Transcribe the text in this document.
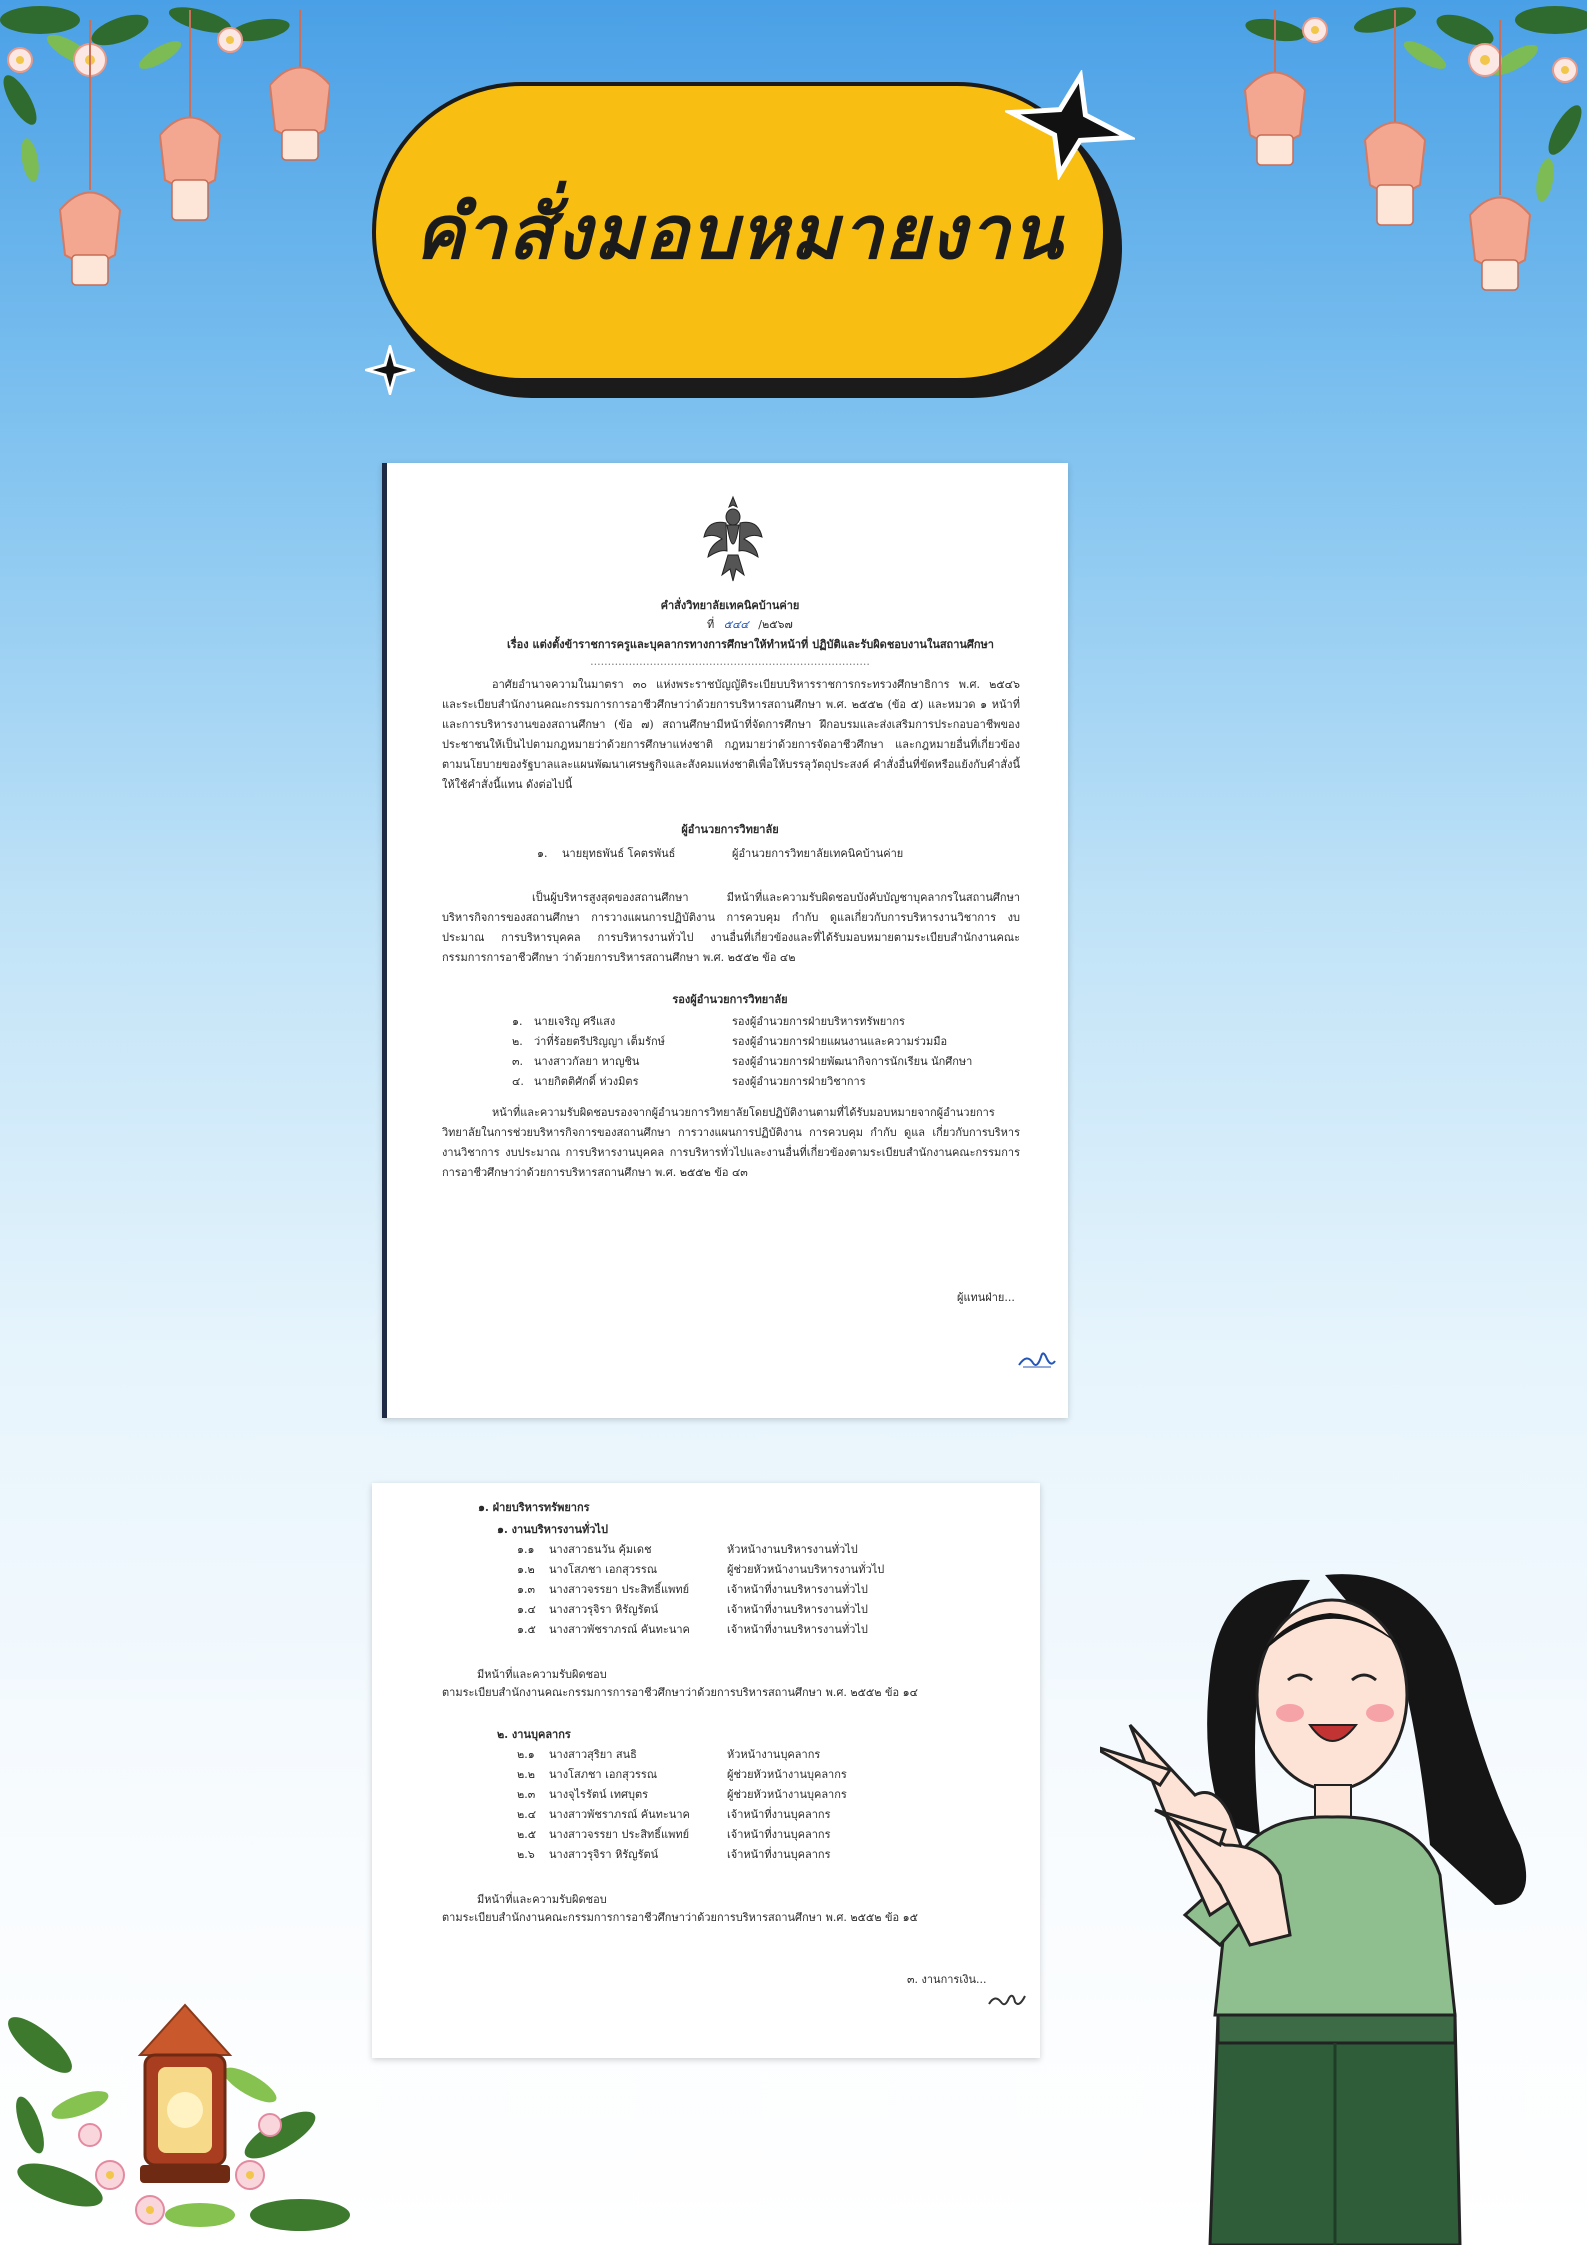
คำสั่งมอบหมายงาน
คำสั่งวิทยาลัยเทคนิคบ้านค่าย
ที่ ๕๔๔ /๒๕๖๗
เรื่อง แต่งตั้งข้าราชการครูและบุคลากรทางการศึกษาให้ทำหน้าที่ ปฏิบัติและรับผิดชอบงานในสถานศึกษา
................................................................................
อาศัยอำนาจความในมาตรา ๓๐ แห่งพระราชบัญญัติระเบียบบริหารราชการกระทรวงศึกษาธิการ พ.ศ. ๒๕๔๖ และระเบียบสำนักงานคณะกรรมการการอาชีวศึกษาว่าด้วยการบริหารสถานศึกษา พ.ศ. ๒๕๕๒ (ข้อ ๕) และหมวด ๑ หน้าที่และการบริหารงานของสถานศึกษา (ข้อ ๗) สถานศึกษามีหน้าที่จัดการศึกษา ฝึกอบรมและส่งเสริมการประกอบอาชีพของประชาชนให้เป็นไปตามกฎหมายว่าด้วยการศึกษาแห่งชาติ กฎหมายว่าด้วยการจัดอาชีวศึกษา และกฎหมายอื่นที่เกี่ยวข้อง ตามนโยบายของรัฐบาลและแผนพัฒนาเศรษฐกิจและสังคมแห่งชาติเพื่อให้บรรลุวัตถุประสงค์ คำสั่งอื่นที่ขัดหรือแย้งกับคำสั่งนี้ให้ใช้คำสั่งนี้แทน ดังต่อไปนี้
ผู้อำนวยการวิทยาลัย
๑. นายยุทธพันธ์ โคตรพันธ์	ผู้อำนวยการวิทยาลัยเทคนิคบ้านค่าย
เป็นผู้บริหารสูงสุดของสถานศึกษา มีหน้าที่และความรับผิดชอบบังคับบัญชาบุคลากรในสถานศึกษา บริหารกิจการของสถานศึกษา การวางแผนการปฏิบัติงาน การควบคุม กำกับ ดูแลเกี่ยวกับการบริหารงานวิชาการ งบประมาณ การบริหารบุคคล การบริหารงานทั่วไป งานอื่นที่เกี่ยวข้องและที่ได้รับมอบหมายตามระเบียบสำนักงานคณะกรรมการการอาชีวศึกษา ว่าด้วยการบริหารสถานศึกษา พ.ศ. ๒๕๕๒ ข้อ ๔๒
รองผู้อำนวยการวิทยาลัย
๑. นายเจริญ ศรีแสง	รองผู้อำนวยการฝ่ายบริหารทรัพยากร
๒. ว่าที่ร้อยตรีปริญญา เต็มรักษ์	รองผู้อำนวยการฝ่ายแผนงานและความร่วมมือ
๓. นางสาวกัลยา หาญชิน	รองผู้อำนวยการฝ่ายพัฒนากิจการนักเรียน นักศึกษา
๔. นายกิตติศักดิ์ ห่วงมิตร	รองผู้อำนวยการฝ่ายวิชาการ
หน้าที่และความรับผิดชอบรองจากผู้อำนวยการวิทยาลัยโดยปฏิบัติงานตามที่ได้รับมอบหมายจากผู้อำนวยการวิทยาลัยในการช่วยบริหารกิจการของสถานศึกษา การวางแผนการปฏิบัติงาน การควบคุม กำกับ ดูแล เกี่ยวกับการบริหารงานวิชาการ งบประมาณ การบริหารงานบุคคล การบริหารทั่วไปและงานอื่นที่เกี่ยวข้องตามระเบียบสำนักงานคณะกรรมการการอาชีวศึกษาว่าด้วยการบริหารสถานศึกษา พ.ศ. ๒๕๕๒ ข้อ ๔๓
ผู้แทนฝ่าย...
๑. ฝ่ายบริหารทรัพยากร
๑. งานบริหารงานทั่วไป
๑.๑ นางสาวธนวัน คุ้มเดช	หัวหน้างานบริหารงานทั่วไป
๑.๒ นางโสภชา เอกสุวรรณ	ผู้ช่วยหัวหน้างานบริหารงานทั่วไป
๑.๓ นางสาวจรรยา ประสิทธิ์แพทย์	เจ้าหน้าที่งานบริหารงานทั่วไป
๑.๔ นางสาวรุจิรา หิรัญรัตน์	เจ้าหน้าที่งานบริหารงานทั่วไป
๑.๕ นางสาวพัชราภรณ์ คันทะนาค	เจ้าหน้าที่งานบริหารงานทั่วไป
มีหน้าที่และความรับผิดชอบ
ตามระเบียบสำนักงานคณะกรรมการการอาชีวศึกษาว่าด้วยการบริหารสถานศึกษา พ.ศ. ๒๕๕๒ ข้อ ๑๔
๒. งานบุคลากร
๒.๑ นางสาวสุริยา สนธิ	หัวหน้างานบุคลากร
๒.๒ นางโสภชา เอกสุวรรณ	ผู้ช่วยหัวหน้างานบุคลากร
๒.๓ นางจุไรรัตน์ เทศบุตร	ผู้ช่วยหัวหน้างานบุคลากร
๒.๔ นางสาวพัชราภรณ์ คันทะนาค	เจ้าหน้าที่งานบุคลากร
๒.๕ นางสาวจรรยา ประสิทธิ์แพทย์	เจ้าหน้าที่งานบุคลากร
๒.๖ นางสาวรุจิรา หิรัญรัตน์	เจ้าหน้าที่งานบุคลากร
มีหน้าที่และความรับผิดชอบ
ตามระเบียบสำนักงานคณะกรรมการการอาชีวศึกษาว่าด้วยการบริหารสถานศึกษา พ.ศ. ๒๕๕๒ ข้อ ๑๕
๓. งานการเงิน...
